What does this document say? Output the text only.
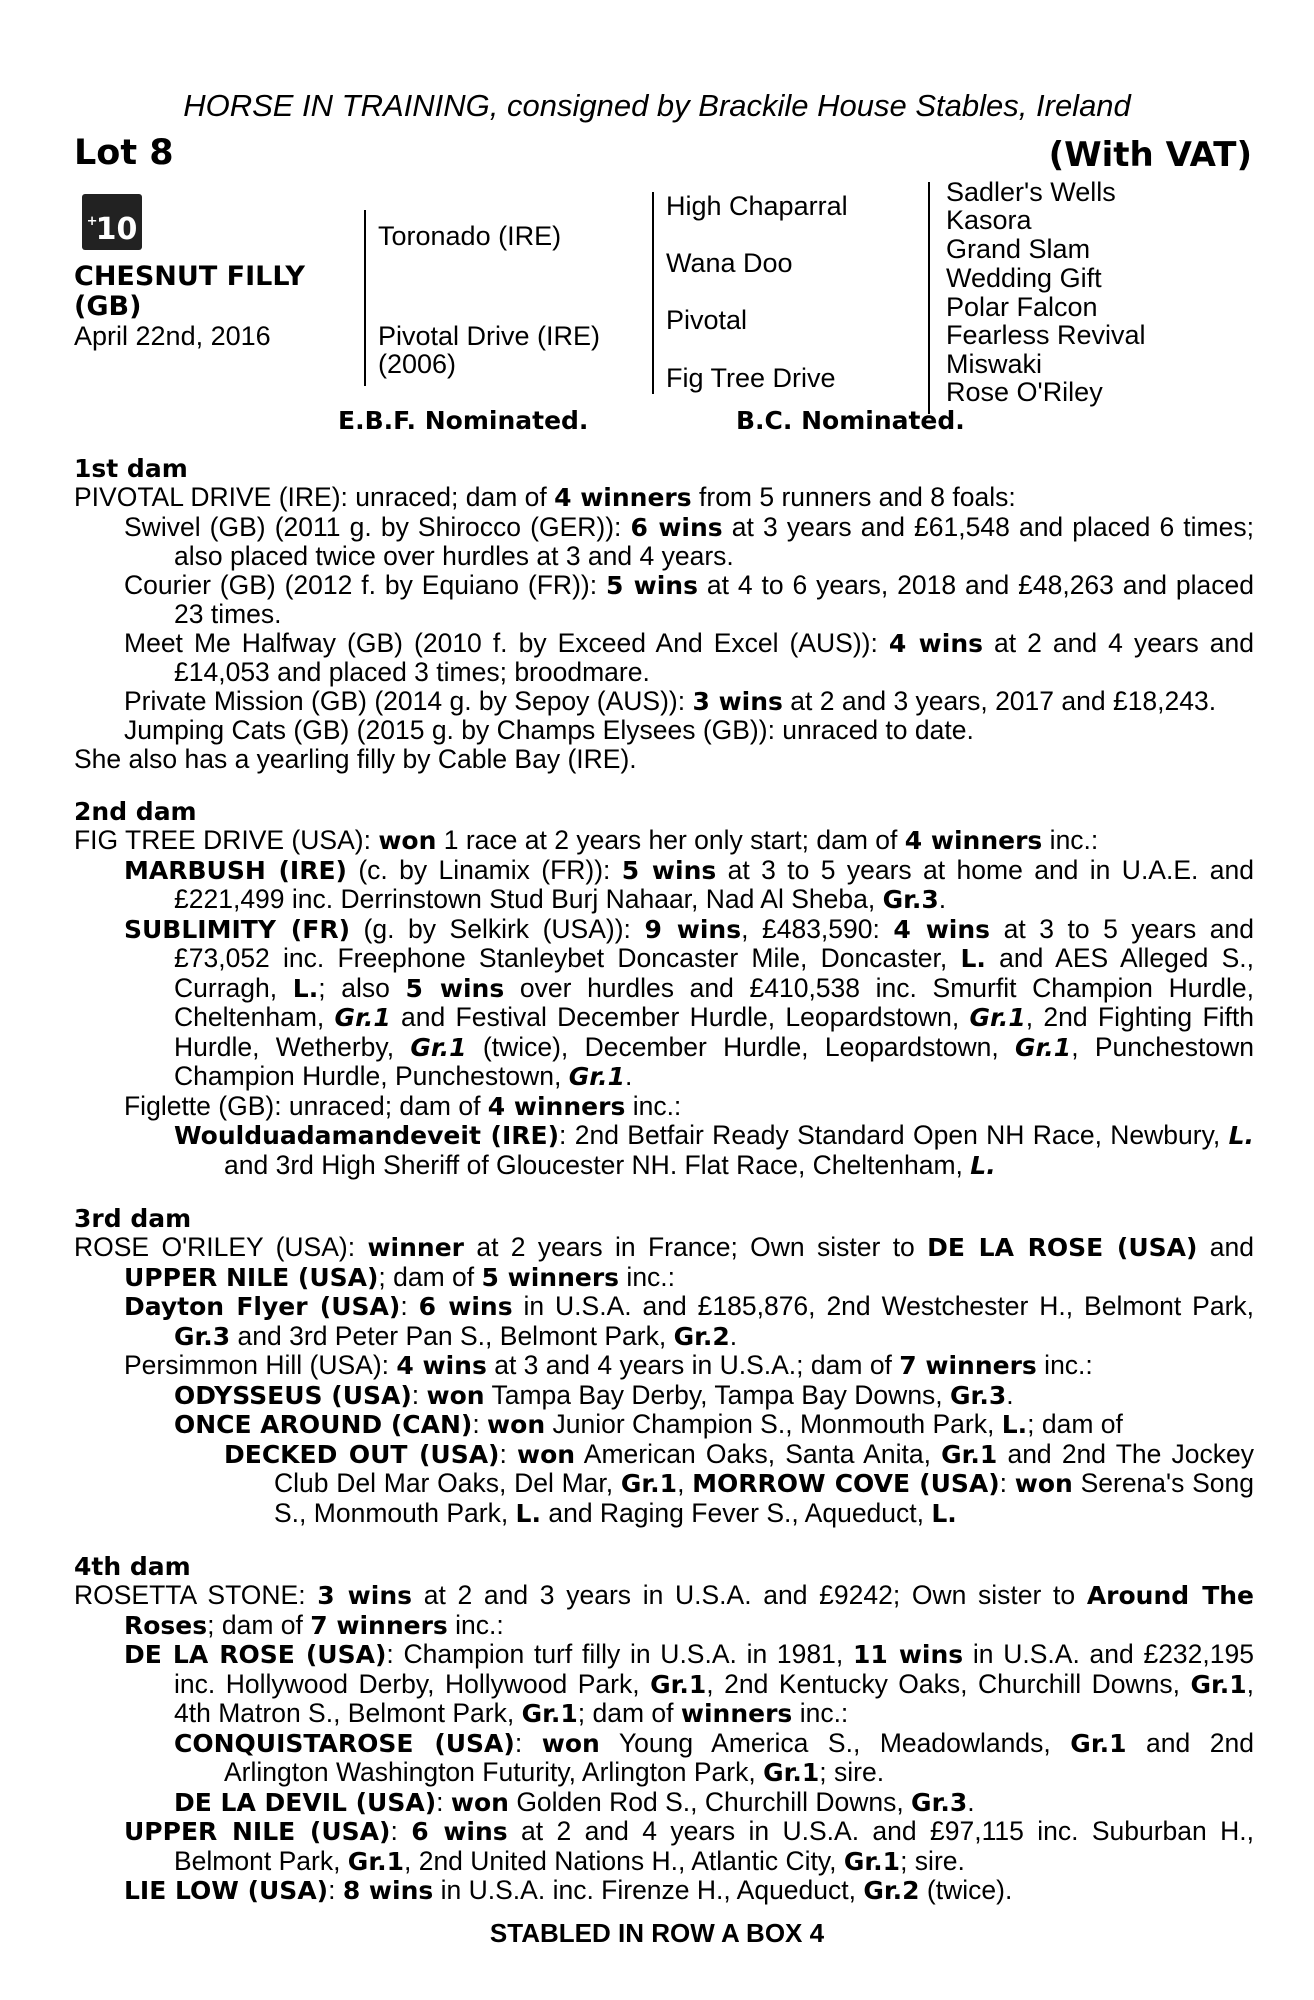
HORSE IN TRAINING, consigned by Brackile House Stables, Ireland
Lot 8	(With VAT)
+10
CHESNUT FILLY
(GB)
April 22nd, 2016
Toronado (IRE)
Pivotal Drive (IRE)
(2006)
High Chaparral
Wana Doo
Pivotal
Fig Tree Drive
Sadler's Wells
Kasora
Grand Slam
Wedding Gift
Polar Falcon
Fearless Revival
Miswaki
Rose O'Riley
E.B.F. Nominated.	B.C. Nominated.
1st dam
PIVOTAL DRIVE (IRE): unraced; dam of 4 winners from 5 runners and 8 foals:
Swivel (GB) (2011 g. by Shirocco (GER)): 6 wins at 3 years and £61,548 and placed 6 times; also placed twice over hurdles at 3 and 4 years.
Courier (GB) (2012 f. by Equiano (FR)): 5 wins at 4 to 6 years, 2018 and £48,263 and placed 23 times.
Meet Me Halfway (GB) (2010 f. by Exceed And Excel (AUS)): 4 wins at 2 and 4 years and £14,053 and placed 3 times; broodmare.
Private Mission (GB) (2014 g. by Sepoy (AUS)): 3 wins at 2 and 3 years, 2017 and £18,243.
Jumping Cats (GB) (2015 g. by Champs Elysees (GB)): unraced to date.
She also has a yearling filly by Cable Bay (IRE).
2nd dam
FIG TREE DRIVE (USA): won 1 race at 2 years her only start; dam of 4 winners inc.:
MARBUSH (IRE) (c. by Linamix (FR)): 5 wins at 3 to 5 years at home and in U.A.E. and £221,499 inc. Derrinstown Stud Burj Nahaar, Nad Al Sheba, Gr.3.
SUBLIMITY (FR) (g. by Selkirk (USA)): 9 wins, £483,590: 4 wins at 3 to 5 years and £73,052 inc. Freephone Stanleybet Doncaster Mile, Doncaster, L. and AES Alleged S., Curragh, L.; also 5 wins over hurdles and £410,538 inc. Smurfit Champion Hurdle, Cheltenham, Gr.1 and Festival December Hurdle, Leopardstown, Gr.1, 2nd Fighting Fifth Hurdle, Wetherby, Gr.1 (twice), December Hurdle, Leopardstown, Gr.1, Punchestown Champion Hurdle, Punchestown, Gr.1.
Figlette (GB): unraced; dam of 4 winners inc.:
Woulduadamandeveit (IRE): 2nd Betfair Ready Standard Open NH Race, Newbury, L. and 3rd High Sheriff of Gloucester NH. Flat Race, Cheltenham, L.
3rd dam
ROSE O'RILEY (USA): winner at 2 years in France; Own sister to DE LA ROSE (USA) and UPPER NILE (USA); dam of 5 winners inc.:
Dayton Flyer (USA): 6 wins in U.S.A. and £185,876, 2nd Westchester H., Belmont Park, Gr.3 and 3rd Peter Pan S., Belmont Park, Gr.2.
Persimmon Hill (USA): 4 wins at 3 and 4 years in U.S.A.; dam of 7 winners inc.:
ODYSSEUS (USA): won Tampa Bay Derby, Tampa Bay Downs, Gr.3.
ONCE AROUND (CAN): won Junior Champion S., Monmouth Park, L.; dam of
DECKED OUT (USA): won American Oaks, Santa Anita, Gr.1 and 2nd The Jockey Club Del Mar Oaks, Del Mar, Gr.1, MORROW COVE (USA): won Serena's Song S., Monmouth Park, L. and Raging Fever S., Aqueduct, L.
4th dam
ROSETTA STONE: 3 wins at 2 and 3 years in U.S.A. and £9242; Own sister to Around The Roses; dam of 7 winners inc.:
DE LA ROSE (USA): Champion turf filly in U.S.A. in 1981, 11 wins in U.S.A. and £232,195 inc. Hollywood Derby, Hollywood Park, Gr.1, 2nd Kentucky Oaks, Churchill Downs, Gr.1, 4th Matron S., Belmont Park, Gr.1; dam of winners inc.:
CONQUISTAROSE (USA): won Young America S., Meadowlands, Gr.1 and 2nd Arlington Washington Futurity, Arlington Park, Gr.1; sire.
DE LA DEVIL (USA): won Golden Rod S., Churchill Downs, Gr.3.
UPPER NILE (USA): 6 wins at 2 and 4 years in U.S.A. and £97,115 inc. Suburban H., Belmont Park, Gr.1, 2nd United Nations H., Atlantic City, Gr.1; sire.
LIE LOW (USA): 8 wins in U.S.A. inc. Firenze H., Aqueduct, Gr.2 (twice).
STABLED IN ROW A BOX 4
